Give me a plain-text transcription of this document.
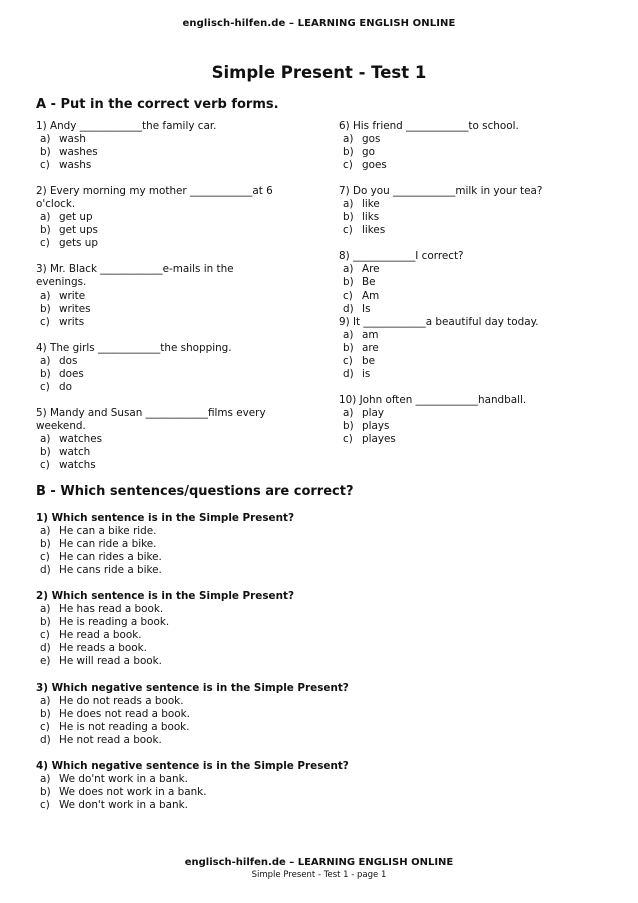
englisch-hilfen.de – LEARNING ENGLISH ONLINE
Simple Present - Test 1
A - Put in the correct verb forms.
1) Andy ____________the family car.
a) wash
b) washes
c) washs
2) Every morning my mother ____________at 6
o'clock.
a) get up
b) get ups
c) gets up
3) Mr. Black ____________e-mails in the
evenings.
a) write
b) writes
c) writs
4) The girls ____________the shopping.
a) dos
b) does
c) do
5) Mandy and Susan ____________films every
weekend.
a) watches
b) watch
c) watchs
6) His friend ____________to school.
a) gos
b) go
c) goes
7) Do you ____________milk in your tea?
a) like
b) liks
c) likes
8) ____________I correct?
a) Are
b) Be
c) Am
d) Is
9) It ____________a beautiful day today.
a) am
b) are
c) be
d) is
10) John often ____________handball.
a) play
b) plays
c) playes
B - Which sentences/questions are correct?
1) Which sentence is in the Simple Present?
a) He can a bike ride.
b) He can ride a bike.
c) He can rides a bike.
d) He cans ride a bike.
2) Which sentence is in the Simple Present?
a) He has read a book.
b) He is reading a book.
c) He read a book.
d) He reads a book.
e) He will read a book.
3) Which negative sentence is in the Simple Present?
a) He do not reads a book.
b) He does not read a book.
c) He is not reading a book.
d) He not read a book.
4) Which negative sentence is in the Simple Present?
a) We do'nt work in a bank.
b) We does not work in a bank.
c) We don't work in a bank.
englisch-hilfen.de – LEARNING ENGLISH ONLINE
Simple Present - Test 1 - page 1
